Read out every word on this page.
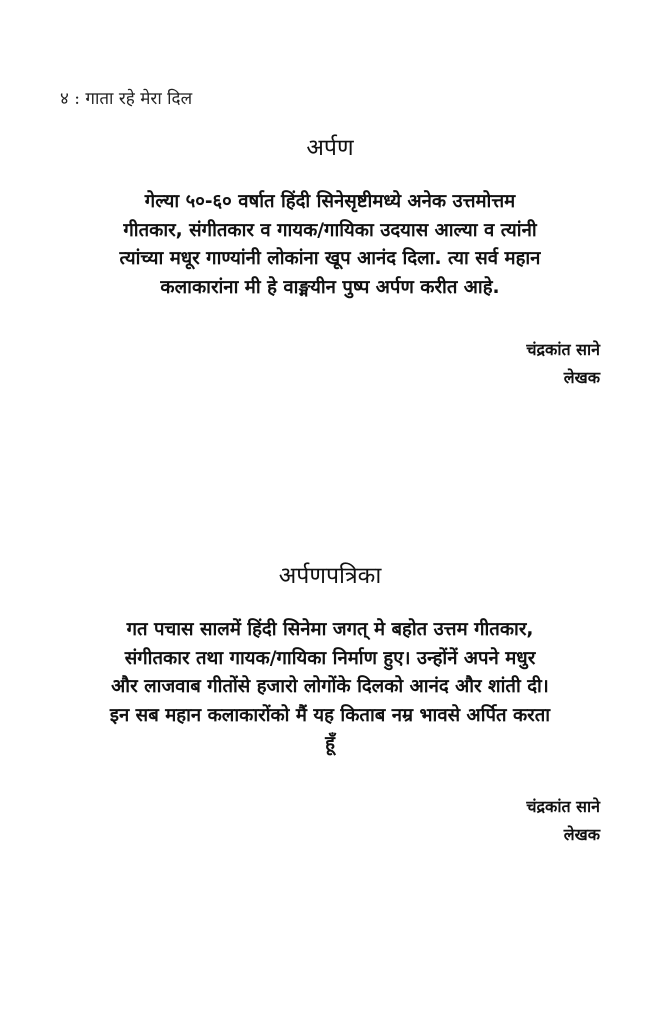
४ : गाता रहे मेरा दिल
अर्पण
गेल्या ५०-६० वर्षात हिंदी सिनेसृष्टीमध्ये अनेक उत्तमोत्तम
गीतकार, संगीतकार व गायक/गायिका उदयास आल्या व त्यांनी
त्यांच्या मधूर गाण्यांनी लोकांना खूप आनंद दिला. त्या सर्व महान
कलाकारांना मी हे वाङ्मयीन पुष्प अर्पण करीत आहे.
चंद्रकांत साने
लेखक
अर्पणपत्रिका
गत पचास सालमें हिंदी सिनेमा जगत् मे बहोत उत्तम गीतकार,
संगीतकार तथा गायक/गायिका निर्माण हुए। उन्होंनें अपने मधुर
और लाजवाब गीतोंसे हजारो लोगोंके दिलको आनंद और शांती दी।
इन सब महान कलाकारोंको मैं यह किताब नम्र भावसे अर्पित करता
हूँ
चंद्रकांत साने
लेखक
